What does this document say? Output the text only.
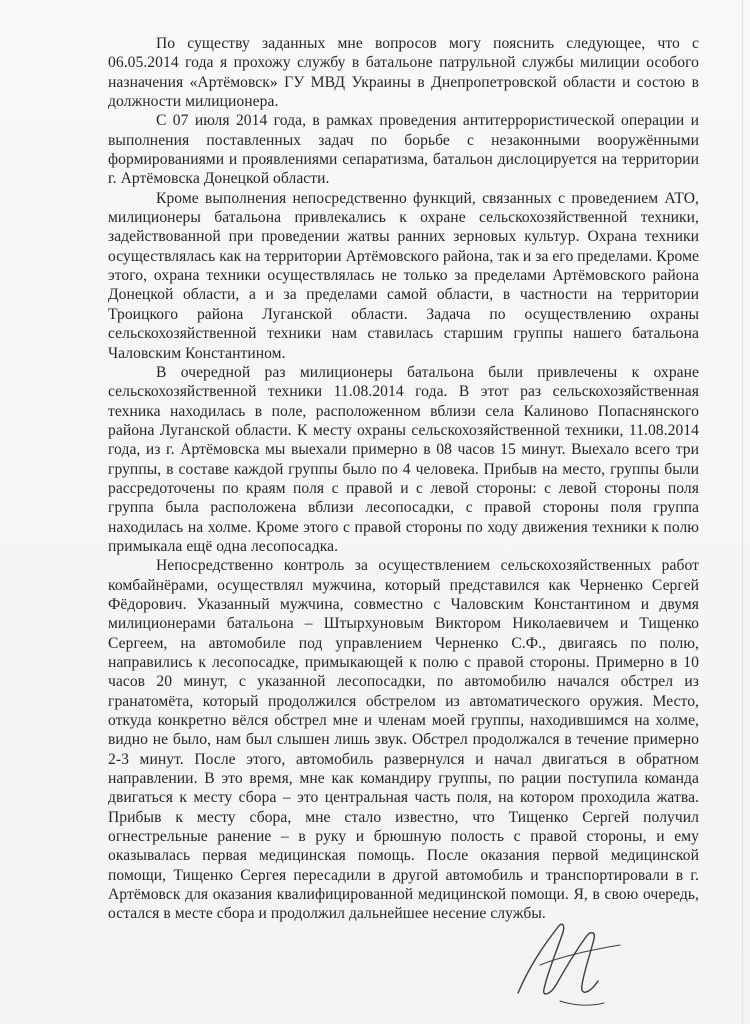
По существу заданных мне вопросов могу пояснить следующее, что с 06.05.2014 года я прохожу службу в батальоне патрульной службы милиции особого назначения «Артёмовск» ГУ МВД Украины в Днепропетровской области и состою в должности милиционера.

С 07 июля 2014 года, в рамках проведения антитеррористической операции и выполнения поставленных задач по борьбе с незаконными вооружёнными формированиями и проявлениями сепаратизма, батальон дислоцируется на территории г. Артёмовска Донецкой области.

Кроме выполнения непосредственно функций, связанных с проведением АТО, милиционеры батальона привлекались к охране сельскохозяйственной техники, задействованной при проведении жатвы ранних зерновых культур. Охрана техники осуществлялась как на территории Артёмовского района, так и за его пределами. Кроме этого, охрана техники осуществлялась не только за пределами Артёмовского района Донецкой области, а и за пределами самой области, в частности на территории Троицкого района Луганской области. Задача по осуществлению охраны сельскохозяйственной техники нам ставилась старшим группы нашего батальона Чаловским Константином.

В очередной раз милиционеры батальона были привлечены к охране сельскохозяйственной техники 11.08.2014 года. В этот раз сельскохозяйственная техника находилась в поле, расположенном вблизи села Калиново Попаснянского района Луганской области. К месту охраны сельскохозяйственной техники, 11.08.2014 года, из г. Артёмовска мы выехали примерно в 08 часов 15 минут. Выехало всего три группы, в составе каждой группы было по 4 человека. Прибыв на место, группы были рассредоточены по краям поля с правой и с левой стороны: с левой стороны поля группа была расположена вблизи лесопосадки, с правой стороны поля группа находилась на холме. Кроме этого с правой стороны по ходу движения техники к полю примыкала ещё одна лесопосадка.

Непосредственно контроль за осуществлением сельскохозяйственных работ комбайнёрами, осуществлял мужчина, который представился как Черненко Сергей Фёдорович. Указанный мужчина, совместно с Чаловским Константином и двумя милиционерами батальона – Штырхуновым Виктором Николаевичем и Тищенко Сергеем, на автомобиле под управлением Черненко С.Ф., двигаясь по полю, направились к лесопосадке, примыкающей к полю с правой стороны. Примерно в 10 часов 20 минут, с указанной лесопосадки, по автомобилю начался обстрел из гранатомёта, который продолжился обстрелом из автоматического оружия. Место, откуда конкретно вёлся обстрел мне и членам моей группы, находившимся на холме, видно не было, нам был слышен лишь звук. Обстрел продолжался в течение примерно 2-3 минут. После этого, автомобиль развернулся и начал двигаться в обратном направлении. В это время, мне как командиру группы, по рации поступила команда двигаться к месту сбора – это центральная часть поля, на котором проходила жатва. Прибыв к месту сбора, мне стало известно, что Тищенко Сергей получил огнестрельные ранение – в руку и брюшную полость с правой стороны, и ему оказывалась первая медицинская помощь. После оказания первой медицинской помощи, Тищенко Сергея пересадили в другой автомобиль и транспортировали в г. Артёмовск для оказания квалифицированной медицинской помощи. Я, в свою очередь, остался в месте сбора и продолжил дальнейшее несение службы.
